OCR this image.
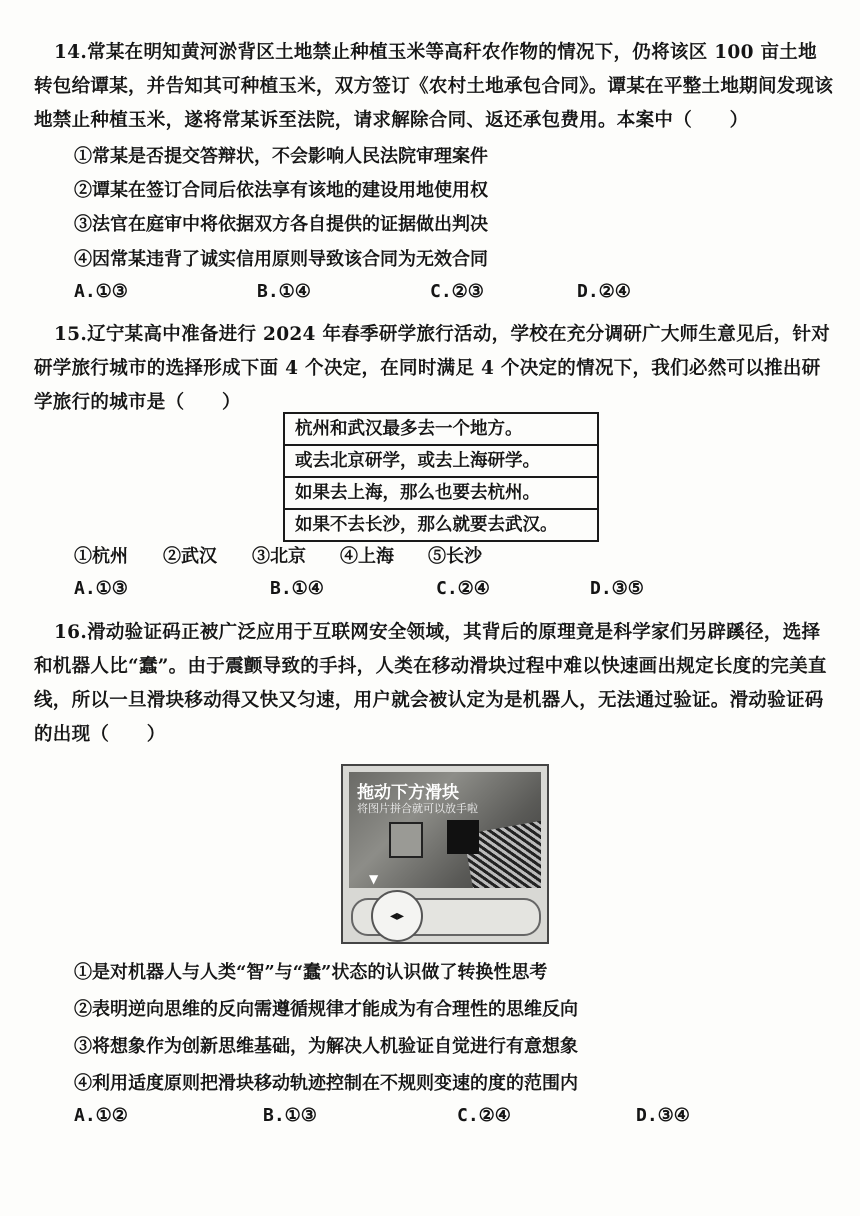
14.常某在明知黄河淤背区土地禁止种植玉米等高秆农作物的情况下，仍将该区 100 亩土地转包给谭某，并告知其可种植玉米，双方签订《农村土地承包合同》。谭某在平整土地期间发现该地禁止种植玉米，遂将常某诉至法院，请求解除合同、返还承包费用。本案中（　　）
①常某是否提交答辩状，不会影响人民法院审理案件
②谭某在签订合同后依法享有该地的建设用地使用权
③法官在庭审中将依据双方各自提供的证据做出判决
④因常某违背了诚实信用原则导致该合同为无效合同
A.①③	B.①④	C.②③	D.②④
15.辽宁某高中准备进行 2024 年春季研学旅行活动，学校在充分调研广大师生意见后，针对研学旅行城市的选择形成下面 4 个决定，在同时满足 4 个决定的情况下，我们必然可以推出研学旅行的城市是（　　）
杭州和武汉最多去一个地方。
或去北京研学，或去上海研学。
如果去上海，那么也要去杭州。
如果不去长沙，那么就要去武汉。
①杭州 ②武汉 ③北京 ④上海 ⑤长沙
A.①③	B.①④	C.②④	D.③⑤
16.滑动验证码正被广泛应用于互联网安全领域，其背后的原理竟是科学家们另辟蹊径，选择和机器人比“蠢”。由于震颤导致的手抖，人类在移动滑块过程中难以快速画出规定长度的完美直线，所以一旦滑块移动得又快又匀速，用户就会被认定为是机器人，无法通过验证。滑动验证码的出现（　　）
拖动下方滑块
将图片拼合就可以放手啦
▼
◂▸
①是对机器人与人类“智”与“蠢”状态的认识做了转换性思考
②表明逆向思维的反向需遵循规律才能成为有合理性的思维反向
③将想象作为创新思维基础，为解决人机验证自觉进行有意想象
④利用适度原则把滑块移动轨迹控制在不规则变速的度的范围内
A.①②	B.①③	C.②④	D.③④
